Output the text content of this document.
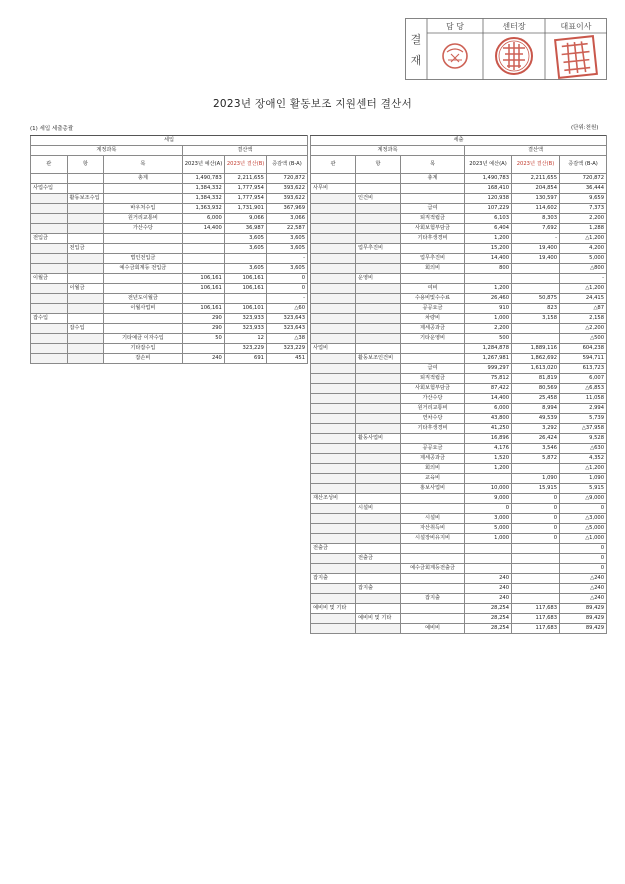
결
재
담 당	센터장	대표이사
2023년 장애인 활동보조 지원센터 결산서
(1) 세입 세출총괄	(단위:천원)
세입					
계정과목			결산액		
관	항	목	2023년 예산(A)	2023년 결산(B)	증감액 (B-A)
		총계	1,490,783	2,211,655	720,872
사업수입			1,384,332	1,777,954	393,622
	활동보조수입		1,384,332	1,777,954	393,622
		바우처수입	1,363,932	1,731,901	367,969
		원거리교통비	6,000	9,066	3,066
		가산수당	14,400	36,987	22,587
전입금				3,605	3,605
	전입금			3,605	3,605
		법인전입금			-
		예수금회계등 전입금		3,605	3,605
이월금			106,161	106,161	0
	이월금		106,161	106,161	0
		전년도이월금			-
		이월사업비	106,161	106,101	△60
잡수입			290	323,933	323,643
	잡수입		290	323,933	323,643
		기타예금 이자수입	50	12	△38
		기타잡수입		323,229	323,229
		잡손비	240	691	451
세출					
계정과목			결산액		
관	항	목	2023년 예산(A)	2023년 결산(B)	증감액 (B-A)
		총계	1,490,783	2,211,655	720,872
사무비			168,410	204,854	36,444
	인건비		120,938	130,597	9,659
		급여	107,229	114,602	7,373
		퇴직적립금	6,103	8,303	2,200
		사회보험부담금	6,404	7,692	1,288
		기타후생경비	1,200	-	△1,200
	업무추진비		15,200	19,400	4,200
		업무추진비	14,400	19,400	5,000
		회의비	800		△800
	운영비				-
		여비	1,200		△1,200
		수용비및수수료	26,460	50,875	24,415
		공공요금	910	823	△87
		차량비	1,000	3,158	2,158
		제세공과금	2,200		△2,200
		기타운영비	500		△500
사업비			1,284,878	1,889,116	604,238
	활동보조인건비		1,267,981	1,862,692	594,711
		급여	999,297	1,613,020	613,723
		퇴직적립금	75,812	81,819	6,007
		사회보험부담금	87,422	80,569	△6,853
		가산수당	14,400	25,458	11,058
		원거리교통비	6,000	8,994	2,994
		연차수당	43,800	49,539	5,739
		기타후생경비	41,250	3,292	△37,958
	활동사업비		16,896	26,424	9,528
		공공요금	4,176	3,546	△630
		제세공과금	1,520	5,872	4,352
		회의비	1,200		△1,200
		교육비		1,090	1,090
		홍보사업비	10,000	15,915	5,915
재산조성비			9,000	0	△9,000
	시설비		0	0	0
		시설비	3,000	0	△3,000
		자산취득비	5,000	0	△5,000
		시설장비유지비	1,000	0	△1,000
전출금					0
	전출금				0
		예수금회계등전출금			0
잡지출			240		△240
	잡지출		240		△240
		잡지출	240		△240
예비비 및 기타			28,254	117,683	89,429
	예비비 및 기타		28,254	117,683	89,429
		예비비	28,254	117,683	89,429
